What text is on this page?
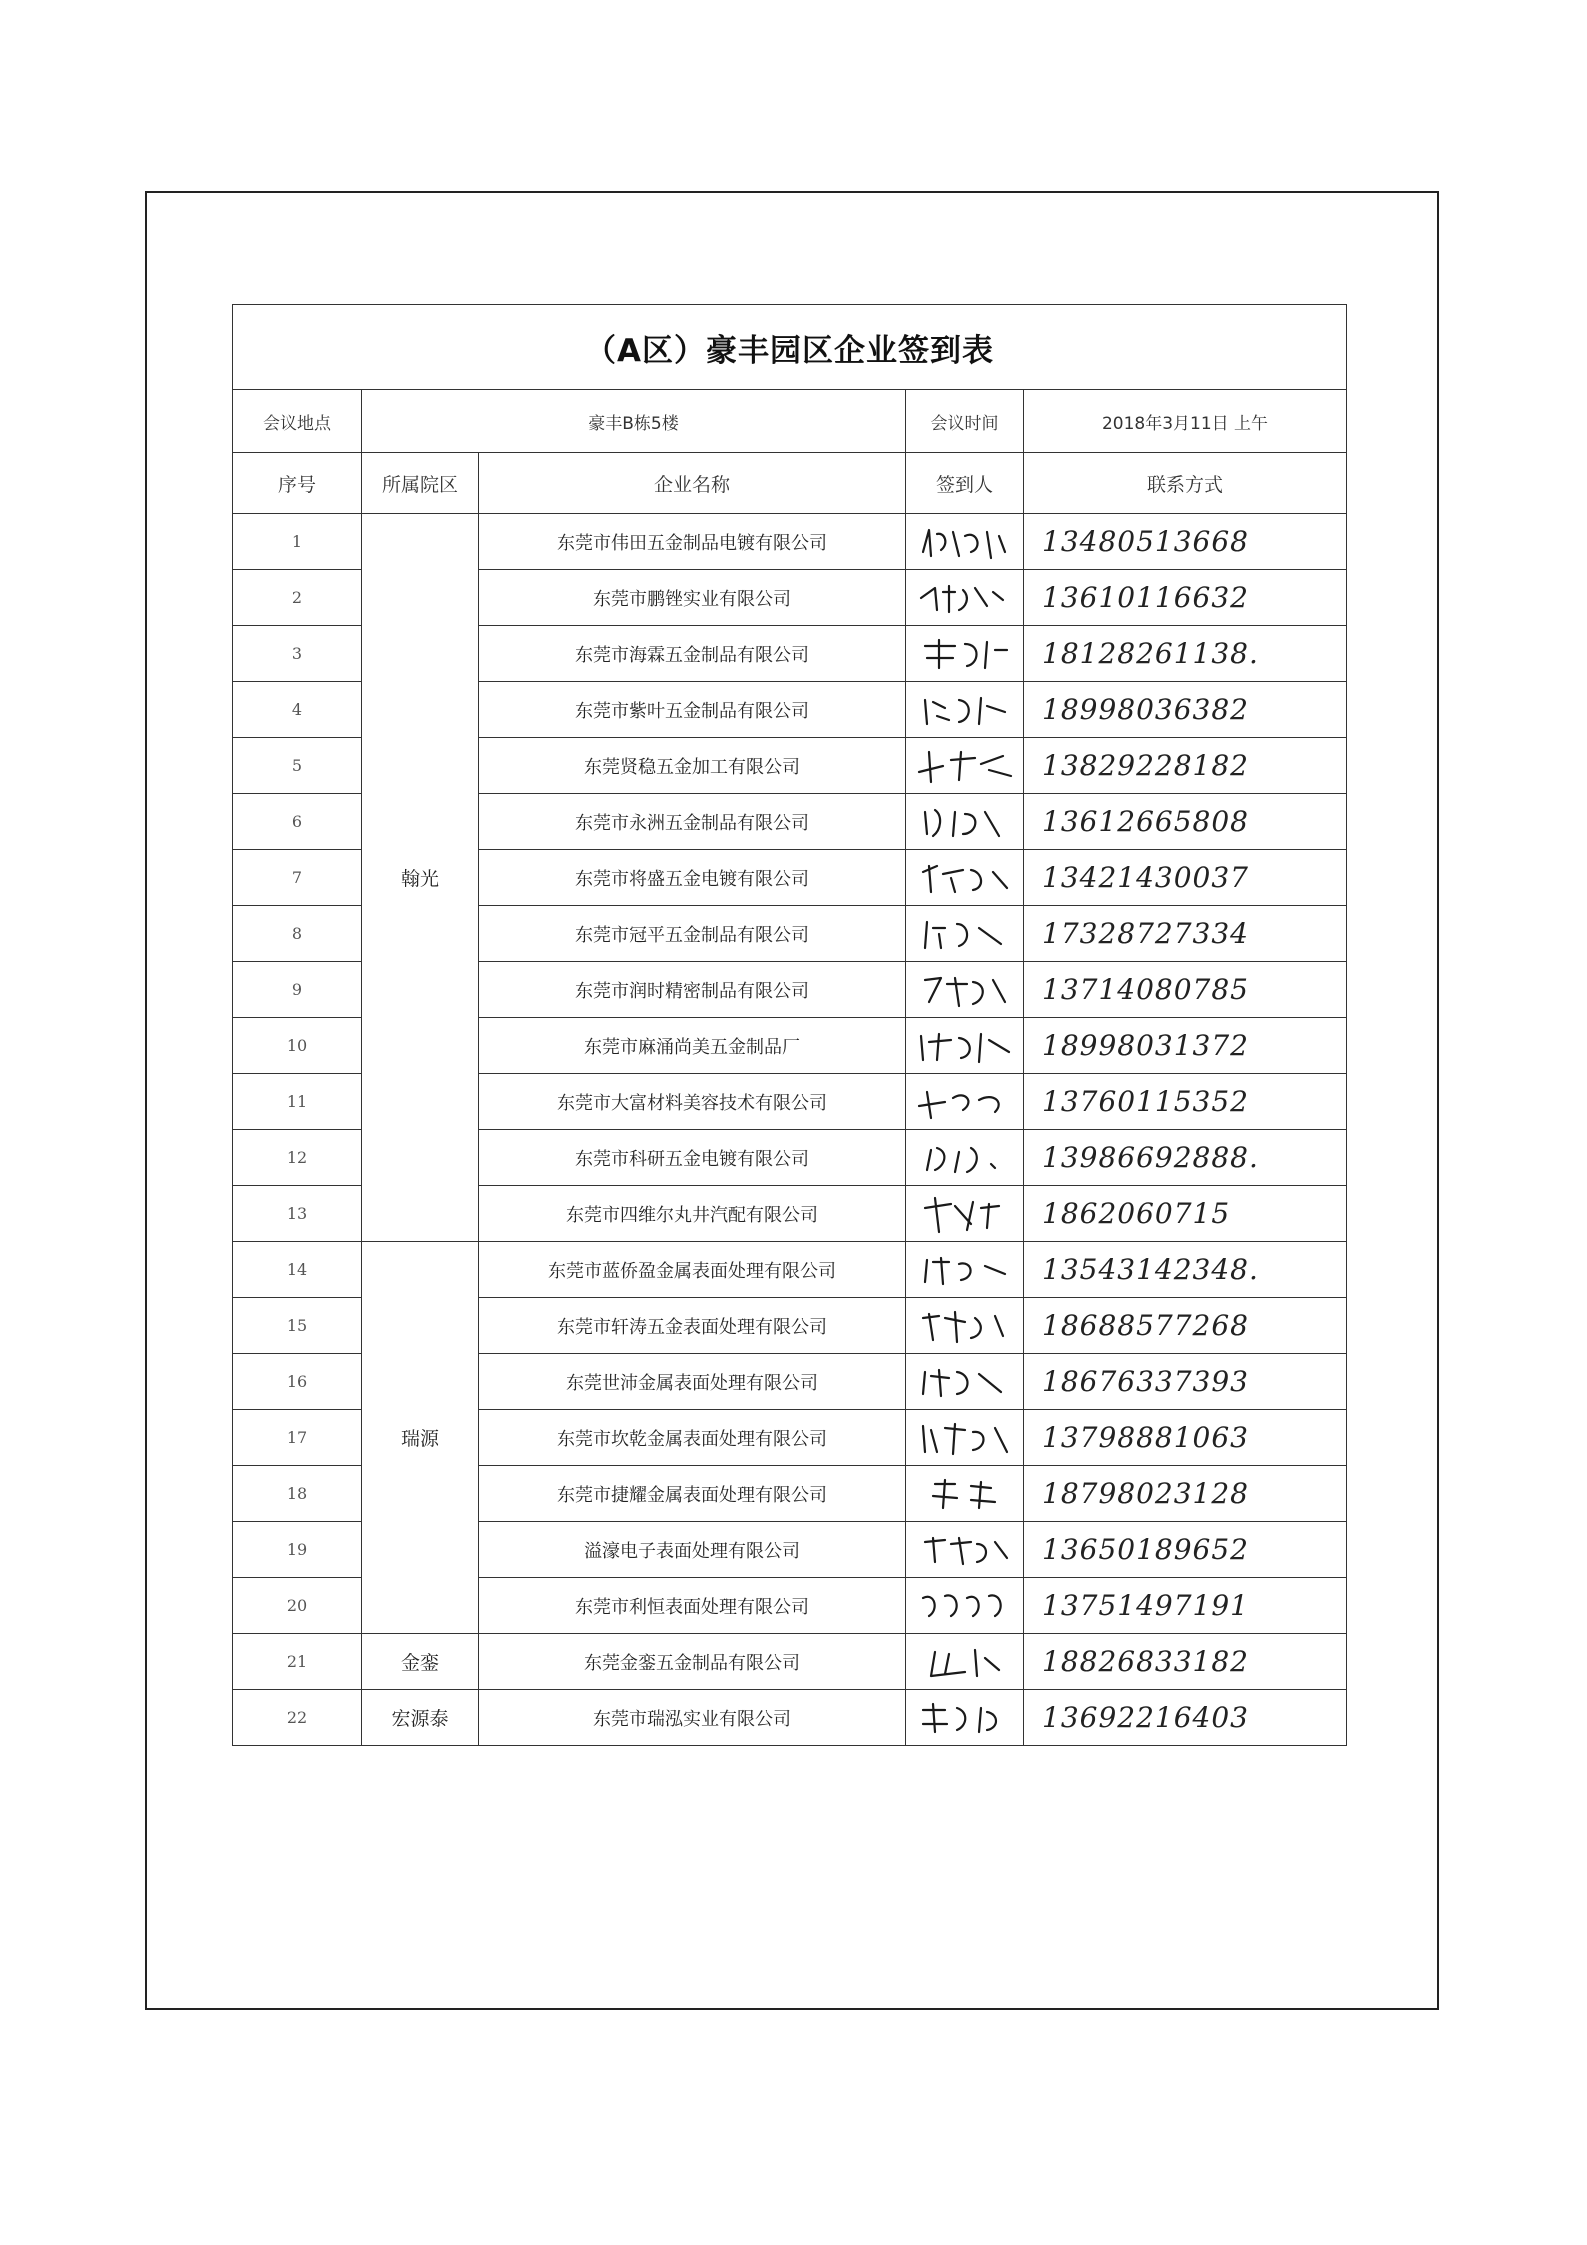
（A区）豪丰园区企业签到表				
会议地点	豪丰B栋5楼		会议时间	2018年3月11日 上午
序号	所属院区	企业名称	签到人	联系方式
1	翰光	东莞市伟田五金制品电镀有限公司		13480513668
2		东莞市鹏锉实业有限公司		13610116632
3		东莞市海霖五金制品有限公司		18128261138.
4		东莞市紫叶五金制品有限公司		18998036382
5		东莞贤稳五金加工有限公司		13829228182
6		东莞市永洲五金制品有限公司		13612665808
7		东莞市将盛五金电镀有限公司		13421430037
8		东莞市冠平五金制品有限公司		17328727334
9		东莞市润时精密制品有限公司		13714080785
10		东莞市麻涌尚美五金制品厂		18998031372
11		东莞市大富材料美容技术有限公司		13760115352
12		东莞市科研五金电镀有限公司		13986692888.
13		东莞市四维尔丸井汽配有限公司		1862060715
14	瑞源	东莞市蓝侨盈金属表面处理有限公司		13543142348.
15		东莞市轩涛五金表面处理有限公司		18688577268
16		东莞世沛金属表面处理有限公司		18676337393
17		东莞市坎乾金属表面处理有限公司		13798881063
18		东莞市捷耀金属表面处理有限公司		18798023128
19		溢濠电子表面处理有限公司		13650189652
20		东莞市利恒表面处理有限公司		13751497191
21	金銮	东莞金銮五金制品有限公司		18826833182
22	宏源泰	东莞市瑞泓实业有限公司		13692216403
